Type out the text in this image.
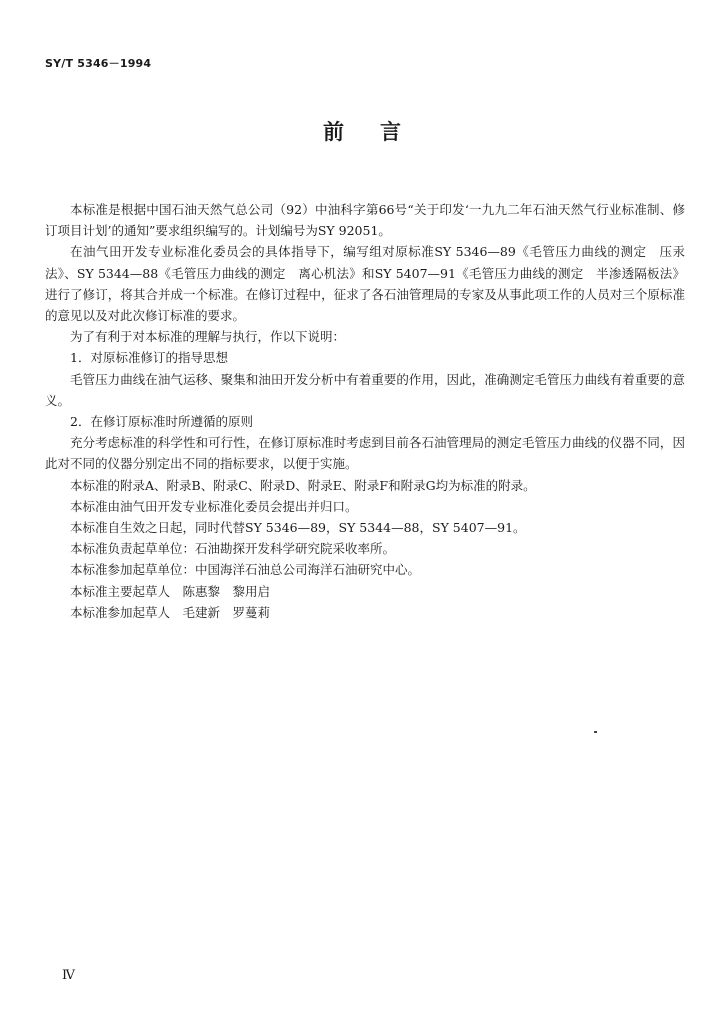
SY/T 5346－1994
前言

本标准是根据中国石油天然气总公司（92）中油科字第66号“关于印发‘一九九二年石油天然气行业标准制、修订项目计划’的通知”要求组织编写的。计划编号为SY 92051。

在油气田开发专业标准化委员会的具体指导下，编写组对原标准SY 5346—89《毛管压力曲线的测定　压汞法》、SY 5344—88《毛管压力曲线的测定　离心机法》和SY 5407—91《毛管压力曲线的测定　半渗透隔板法》进行了修订，将其合并成一个标准。在修订过程中，征求了各石油管理局的专家及从事此项工作的人员对三个原标准的意见以及对此次修订标准的要求。

为了有利于对本标准的理解与执行，作以下说明：

1．对原标准修订的指导思想

毛管压力曲线在油气运移、聚集和油田开发分析中有着重要的作用，因此，准确测定毛管压力曲线有着重要的意义。

2．在修订原标准时所遵循的原则

充分考虑标准的科学性和可行性，在修订原标准时考虑到目前各石油管理局的测定毛管压力曲线的仪器不同，因此对不同的仪器分别定出不同的指标要求，以便于实施。

本标准的附录A、附录B、附录C、附录D、附录E、附录F和附录G均为标准的附录。

本标准由油气田开发专业标准化委员会提出并归口。

本标准自生效之日起，同时代替SY 5346—89，SY 5344—88，SY 5407—91。

本标准负责起草单位：石油勘探开发科学研究院采收率所。

本标准参加起草单位：中国海洋石油总公司海洋石油研究中心。

本标准主要起草人　陈惠黎　黎用启

本标准参加起草人　毛建新　罗蔓莉

Ⅳ
